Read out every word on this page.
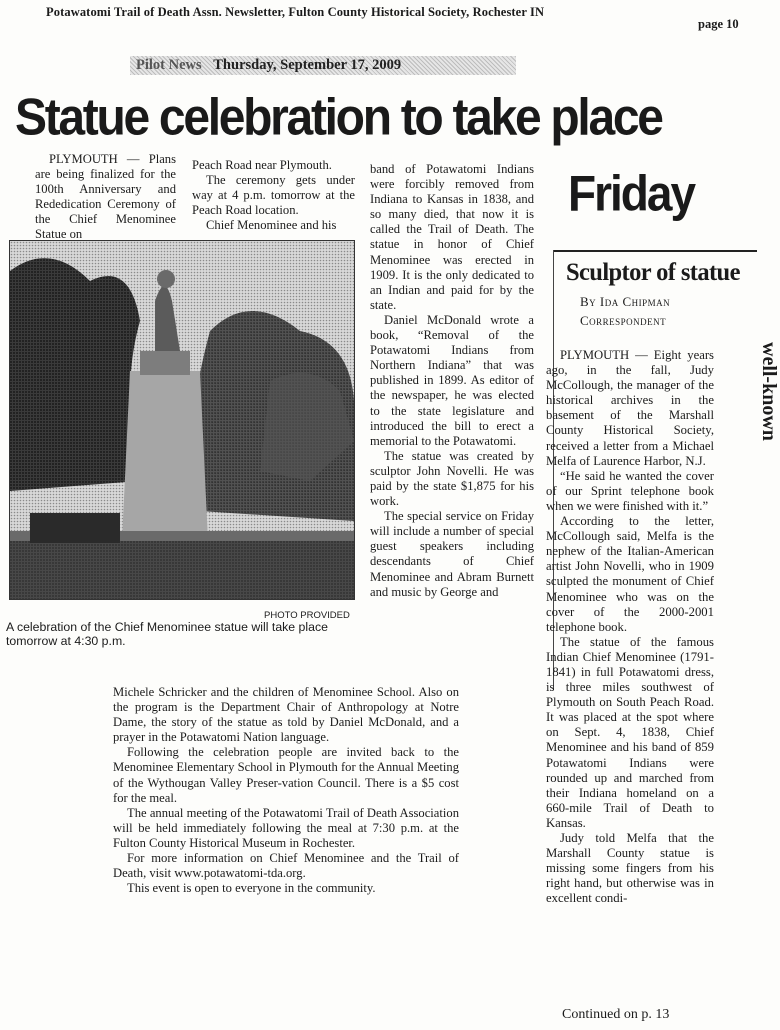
Potawatomi Trail of Death Assn. Newsletter, Fulton County Historical Society, Rochester IN
page 10
Pilot News Thursday, September 17, 2009
Statue celebration to take place
Friday

PLYMOUTH — Plans are being finalized for the 100th Anniversary and Rededication Ceremony of the Chief Menominee Statue on

Peach Road near Plymouth.

The ceremony gets under way at 4 p.m. tomorrow at the Peach Road location.

Chief Menominee and his

band of Potawatomi Indians were forcibly removed from Indiana to Kansas in 1838, and so many died, that now it is called the Trail of Death. The statue in honor of Chief Menominee was erected in 1909. It is the only dedicated to an Indian and paid for by the state.

Daniel McDonald wrote a book, “Removal of the Potawatomi Indians from Northern Indiana” that was published in 1899. As editor of the newspaper, he was elected to the state legislature and introduced the bill to erect a memorial to the Potawatomi.

The statue was created by sculptor John Novelli. He was paid by the state $1,875 for his work.

The special service on Friday will include a number of special guest speakers including descendants of Chief Menominee and Abram Burnett and music by George and

PHOTO PROVIDED
A celebration of the Chief Menominee statue will take place tomorrow at 4:30 p.m.

Michele Schricker and the children of Menominee School. Also on the program is the Department Chair of Anthropology at Notre Dame, the story of the statue as told by Daniel McDonald, and a prayer in the Potawatomi Nation language.

Following the celebration people are invited back to the Menominee Elementary School in Plymouth for the Annual Meeting of the Wythougan Valley Preser-vation Council. There is a $5 cost for the meal.

The annual meeting of the Potawatomi Trail of Death Association will be held immediately following the meal at 7:30 p.m. at the Fulton County Historical Museum in Rochester.

For more information on Chief Menominee and the Trail of Death, visit www.potawatomi-tda.org.

This event is open to everyone in the community.

Sculptor of statue
By Ida Chipman
Correspondent

PLYMOUTH — Eight years ago, in the fall, Judy McCollough, the manager of the historical archives in the basement of the Marshall County Historical Society, received a letter from a Michael Melfa of Laurence Harbor, N.J.

“He said he wanted the cover of our Sprint telephone book when we were finished with it.”

According to the letter, McCollough said, Melfa is the nephew of the Italian-American artist John Novelli, who in 1909 sculpted the monument of Chief Menominee who was on the cover of the 2000-2001 telephone book.

The statue of the famous Indian Chief Menominee (1791-1841) in full Potawatomi dress, is three miles southwest of Plymouth on South Peach Road. It was placed at the spot where on Sept. 4, 1838, Chief Menominee and his band of 859 Potawatomi Indians were rounded up and marched from their Indiana homeland on a 660-mile Trail of Death to Kansas.

Judy told Melfa that the Marshall County statue is missing some fingers from his right hand, but otherwise was in excellent condi-

well-known
Continued on p. 13
